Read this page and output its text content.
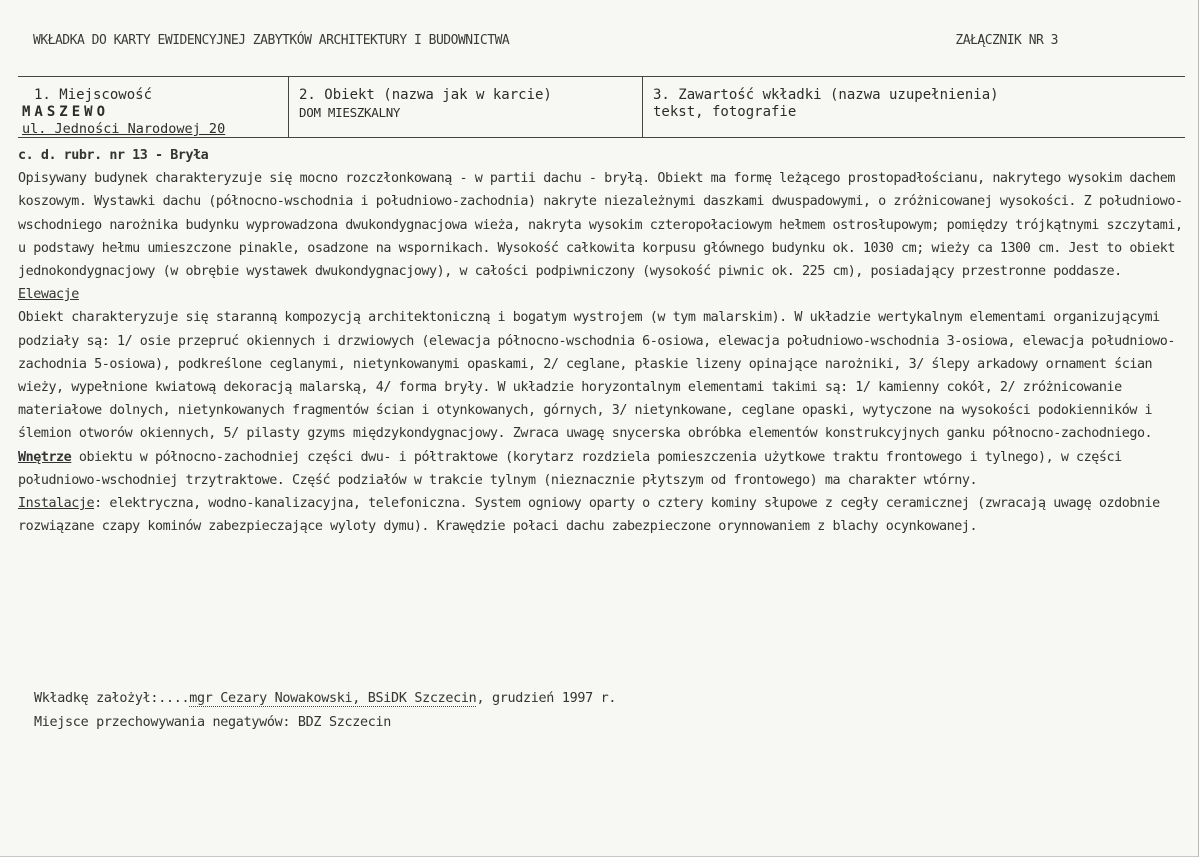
WKŁADKA DO KARTY EWIDENCYJNEJ ZABYTKÓW ARCHITEKTURY I BUDOWNICTWA	ZAŁĄCZNIK NR 3
1. Miejscowość
MASZEWO
ul. Jedności Narodowej 20
2. Obiekt (nazwa jak w karcie)
DOM MIESZKALNY
3. Zawartość wkładki (nazwa uzupełnienia)
tekst, fotografie

c. d. rubr. nr 13 - Bryła

Opisywany budynek charakteryzuje się mocno rozczłonkowaną - w partii dachu - bryłą. Obiekt ma formę leżącego prostopadłościanu, nakrytego wysokim dachem koszowym. Wystawki dachu (północno-wschodnia i południowo-zachodnia) nakryte niezależnymi daszkami dwuspadowymi, o zróżnicowanej wysokości. Z południowo-wschodniego narożnika budynku wyprowadzona dwukondygnacjowa wieża, nakryta wysokim czteropołaciowym hełmem ostrosłupowym; pomiędzy trójkątnymi szczytami, u podstawy hełmu umieszczone pinakle, osadzone na wspornikach. Wysokość całkowita korpusu głównego budynku ok. 1030 cm; wieży ca 1300 cm. Jest to obiekt jednokondygnacjowy (w obrębie wystawek dwukondygnacjowy), w całości podpiwniczony (wysokość piwnic ok. 225 cm), posiadający przestronne poddasze.

Elewacje

Obiekt charakteryzuje się staranną kompozycją architektoniczną i bogatym wystrojem (w tym malarskim). W układzie wertykalnym elementami organizującymi podziały są: 1/ osie przepruć okiennych i drzwiowych (elewacja północno-wschodnia 6-osiowa, elewacja południowo-wschodnia 3-osiowa, elewacja południowo-zachodnia 5-osiowa), podkreślone ceglanymi, nietynkowanymi opaskami, 2/ ceglane, płaskie lizeny opinające narożniki, 3/ ślepy arkadowy ornament ścian wieży, wypełnione kwiatową dekoracją malarską, 4/ forma bryły. W układzie horyzontalnym elementami takimi są: 1/ kamienny cokół, 2/ zróżnicowanie materiałowe dolnych, nietynkowanych fragmentów ścian i otynkowanych, górnych, 3/ nietynkowane, ceglane opaski, wytyczone na wysokości podokienników i ślemion otworów okiennych, 5/ pilasty gzyms międzykondygnacjowy. Zwraca uwagę snycerska obróbka elementów konstrukcyjnych ganku północno-zachodniego.

Wnętrze obiektu w północno-zachodniej części dwu- i półtraktowe (korytarz rozdziela pomieszczenia użytkowe traktu frontowego i tylnego), w części południowo-wschodniej trzytraktowe. Część podziałów w trakcie tylnym (nieznacznie płytszym od frontowego) ma charakter wtórny.

Instalacje: elektryczna, wodno-kanalizacyjna, telefoniczna. System ogniowy oparty o cztery kominy słupowe z cegły ceramicznej (zwracają uwagę ozdobnie rozwiązane czapy kominów zabezpieczające wyloty dymu). Krawędzie połaci dachu zabezpieczone orynnowaniem z blachy ocynkowanej.

Wkładkę założył:....mgr Cezary Nowakowski, BSiDK Szczecin, grudzień 1997 r.
Miejsce przechowywania negatywów: BDZ Szczecin
